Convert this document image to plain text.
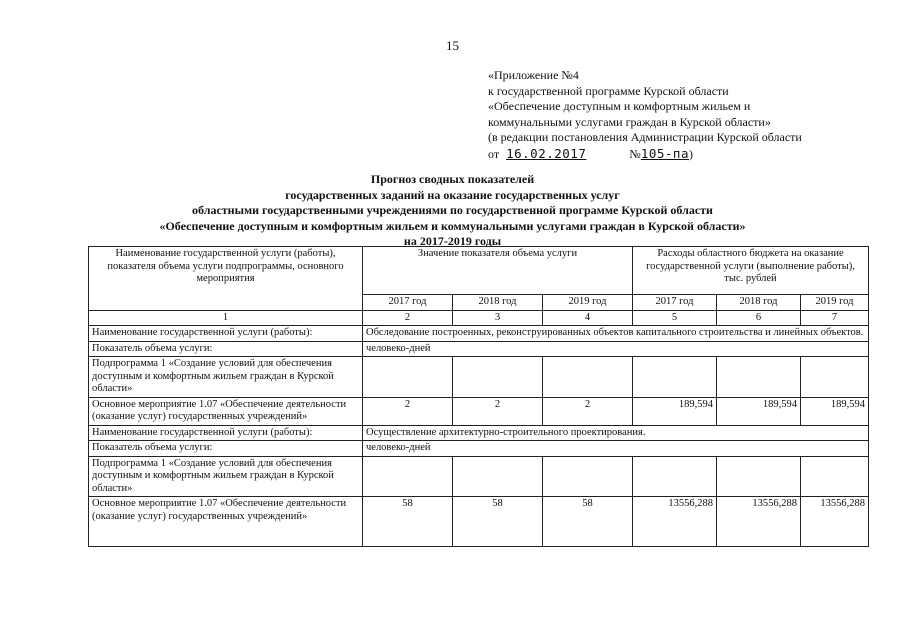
15
«Приложение №4
к государственной программе Курской области
«Обеспечение доступным и комфортным жильем и
коммунальными услугами граждан в Курской области»
(в редакции постановления Администрации Курской области
от 16.02.2017	№105-па)
Прогноз сводных показателей
государственных заданий на оказание государственных услуг
областными государственными учреждениями по государственной программе Курской области
«Обеспечение доступным и комфортным жильем и коммунальными услугами граждан в Курской области»
на 2017-2019 годы
Наименование государственной услуги (работы), показателя объема услуги подпрограммы, основного мероприятия	Значение показателя объема услуги			Расходы областного бюджета на оказание государственной услуги (выполнение работы), тыс. рублей		
	2017 год	2018 год	2019 год	2017 год	2018 год	2019 год
1	2	3	4	5	6	7
Наименование государственной услуги (работы):	Обследование построенных, реконструированных объектов капитального строительства и линейных объектов.					
Показатель объема услуги:	человеко-дней					
Подпрограмма 1 «Создание условий для обеспечения доступным и комфортным жильем граждан в Курской области»						
Основное мероприятие 1.07 «Обеспечение деятельности (оказание услуг) государственных учреждений»	2	2	2	189,594	189,594	189,594
Наименование государственной услуги (работы):	Осуществление архитектурно-строительного проектирования.					
Показатель объема услуги:	человеко-дней					
Подпрограмма 1 «Создание условий для обеспечения доступным и комфортным жильем граждан в Курской области»						
Основное мероприятие 1.07 «Обеспечение деятельности (оказание услуг) государственных учреждений»	58	58	58	13556,288	13556,288	13556,288
